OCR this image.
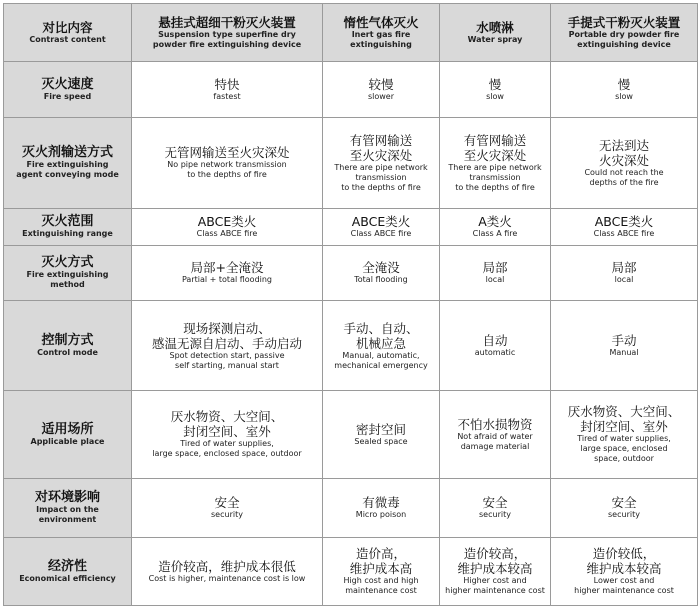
对比内容
Contrast content	悬挂式超细干粉灭火装置
Suspension type superfine dry
powder fire extinguishing device	惰性气体灭火
Inert gas fire
extinguishing	水喷淋
Water spray	手提式干粉灭火装置
Portable dry powder fire
extinguishing device

灭火速度
Fire speed	特快
fastest	较慢
slower	慢
slow	慢
slow

灭火剂输送方式
Fire extinguishing
agent conveying mode	无管网输送至火灾深处
No pipe network transmission
to the depths of fire	有管网输送
至火灾深处
There are pipe network
transmission
to the depths of fire	有管网输送
至火灾深处
There are pipe network
transmission
to the depths of fire	无法到达
火灾深处
Could not reach the
depths of the fire

灭火范围
Extinguishing range	ABCE类火
Class ABCE fire	ABCE类火
Class ABCE fire	A类火
Class A fire	ABCE类火
Class ABCE fire

灭火方式
Fire extinguishing
method	局部+全淹没
Partial + total flooding	全淹没
Total flooding	局部
local	局部
local

控制方式
Control mode	现场探测启动、
感温无源自启动、手动启动
Spot detection start, passive
self starting, manual start	手动、自动、
机械应急
Manual, automatic,
mechanical emergency	自动
automatic	手动
Manual

适用场所
Applicable place	厌水物资、大空间、
封闭空间、室外
Tired of water supplies,
large space, enclosed space, outdoor	密封空间
Sealed space	不怕水损物资
Not afraid of water
damage material	厌水物资、大空间、
封闭空间、室外
Tired of water supplies,
large space, enclosed
space, outdoor

对环境影响
Impact on the
environment	安全
security	有微毒
Micro poison	安全
security	安全
security

经济性
Economical efficiency	造价较高，维护成本很低
Cost is higher, maintenance cost is low	造价高，
维护成本高
High cost and high
maintenance cost	造价较高，
维护成本较高
Higher cost and
higher maintenance cost	造价较低，
维护成本较高
Lower cost and
higher maintenance cost
